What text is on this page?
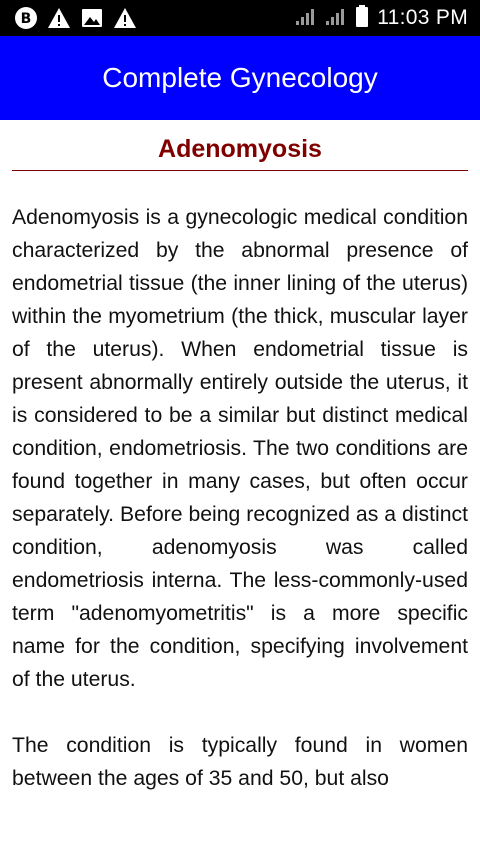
B	11:03 PM
Complete Gynecology
Adenomyosis

Adenomyosis is a gynecologic medical condition characterized by the abnormal presence of endometrial tissue (the inner lining of the uterus) within the myometrium (the thick, muscular layer of the uterus). When endometrial tissue is present abnormally entirely outside the uterus, it is considered to be a similar but distinct medical condition, endometriosis. The two conditions are found together in many cases, but often occur separately. Before being recognized as a distinct condition, adenomyosis was called endometriosis interna. The less-commonly-used term "adenomyometritis" is a more specific name for the condition, specifying involvement of the uterus.

The condition is typically found in women between the ages of 35 and 50, but also
